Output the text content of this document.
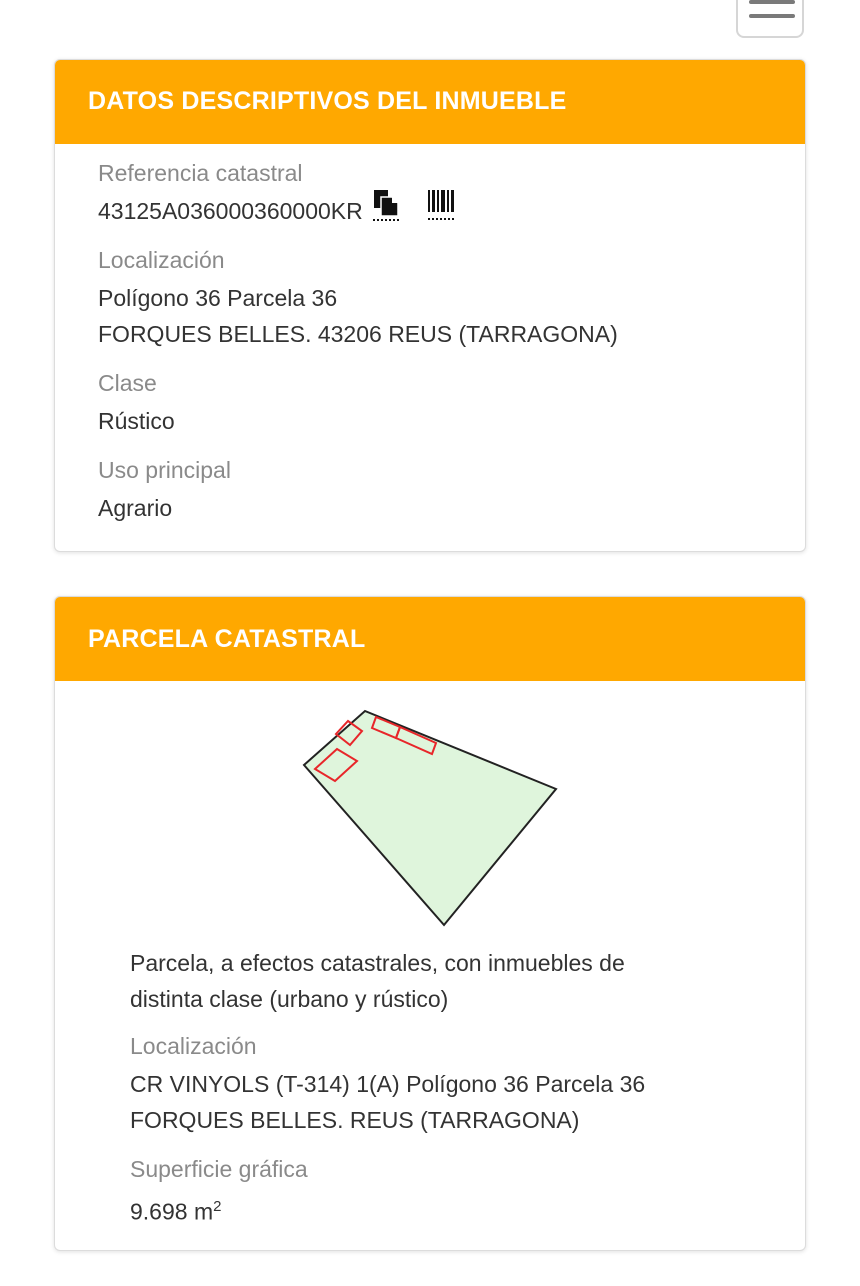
DATOS DESCRIPTIVOS DEL INMUEBLE
Referencia catastral
43125A036000360000KR
Localización
Polígono 36 Parcela 36
FORQUES BELLES. 43206 REUS (TARRAGONA)
Clase
Rústico
Uso principal
Agrario
PARCELA CATASTRAL
Parcela, a efectos catastrales, con inmuebles de
distinta clase (urbano y rústico)
Localización
CR VINYOLS (T-314) 1(A) Polígono 36 Parcela 36
FORQUES BELLES. REUS (TARRAGONA)
Superficie gráfica
9.698 $m^2$
